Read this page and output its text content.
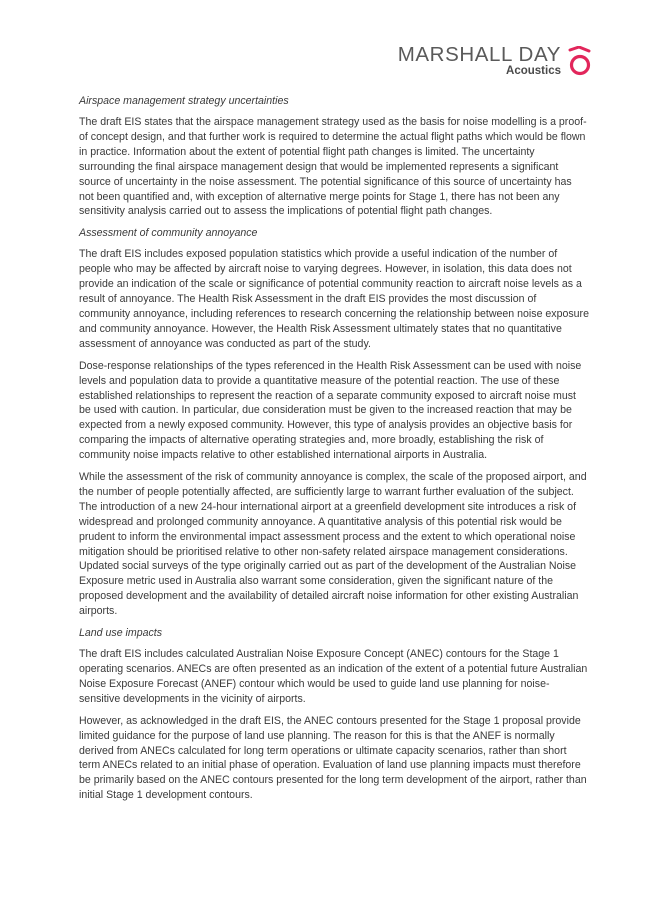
MARSHALL DAY
Acoustics

Airspace management strategy uncertainties

The draft EIS states that the airspace management strategy used as the basis for noise modelling is a proof-of concept design, and that further work is required to determine the actual flight paths which would be flown in practice. Information about the extent of potential flight path changes is limited. The uncertainty surrounding the final airspace management design that would be implemented represents a significant source of uncertainty in the noise assessment. The potential significance of this source of uncertainty has not been quantified and, with exception of alternative merge points for Stage 1, there has not been any sensitivity analysis carried out to assess the implications of potential flight path changes.

Assessment of community annoyance

The draft EIS includes exposed population statistics which provide a useful indication of the number of people who may be affected by aircraft noise to varying degrees. However, in isolation, this data does not provide an indication of the scale or significance of potential community reaction to aircraft noise levels as a result of annoyance. The Health Risk Assessment in the draft EIS provides the most discussion of community annoyance, including references to research concerning the relationship between noise exposure and community annoyance. However, the Health Risk Assessment ultimately states that no quantitative assessment of annoyance was conducted as part of the study.

Dose-response relationships of the types referenced in the Health Risk Assessment can be used with noise levels and population data to provide a quantitative measure of the potential reaction. The use of these established relationships to represent the reaction of a separate community exposed to aircraft noise must be used with caution. In particular, due consideration must be given to the increased reaction that may be expected from a newly exposed community. However, this type of analysis provides an objective basis for comparing the impacts of alternative operating strategies and, more broadly, establishing the risk of community noise impacts relative to other established international airports in Australia.

While the assessment of the risk of community annoyance is complex, the scale of the proposed airport, and the number of people potentially affected, are sufficiently large to warrant further evaluation of the subject. The introduction of a new 24-hour international airport at a greenfield development site introduces a risk of widespread and prolonged community annoyance. A quantitative analysis of this potential risk would be prudent to inform the environmental impact assessment process and the extent to which operational noise mitigation should be prioritised relative to other non-safety related airspace management considerations. Updated social surveys of the type originally carried out as part of the development of the Australian Noise Exposure metric used in Australia also warrant some consideration, given the significant nature of the proposed development and the availability of detailed aircraft noise information for other existing Australian airports.

Land use impacts

The draft EIS includes calculated Australian Noise Exposure Concept (ANEC) contours for the Stage 1 operating scenarios. ANECs are often presented as an indication of the extent of a potential future Australian Noise Exposure Forecast (ANEF) contour which would be used to guide land use planning for noise-sensitive developments in the vicinity of airports.

However, as acknowledged in the draft EIS, the ANEC contours presented for the Stage 1 proposal provide limited guidance for the purpose of land use planning. The reason for this is that the ANEF is normally derived from ANECs calculated for long term operations or ultimate capacity scenarios, rather than short term ANECs related to an initial phase of operation. Evaluation of land use planning impacts must therefore be primarily based on the ANEC contours presented for the long term development of the airport, rather than initial Stage 1 development contours.
